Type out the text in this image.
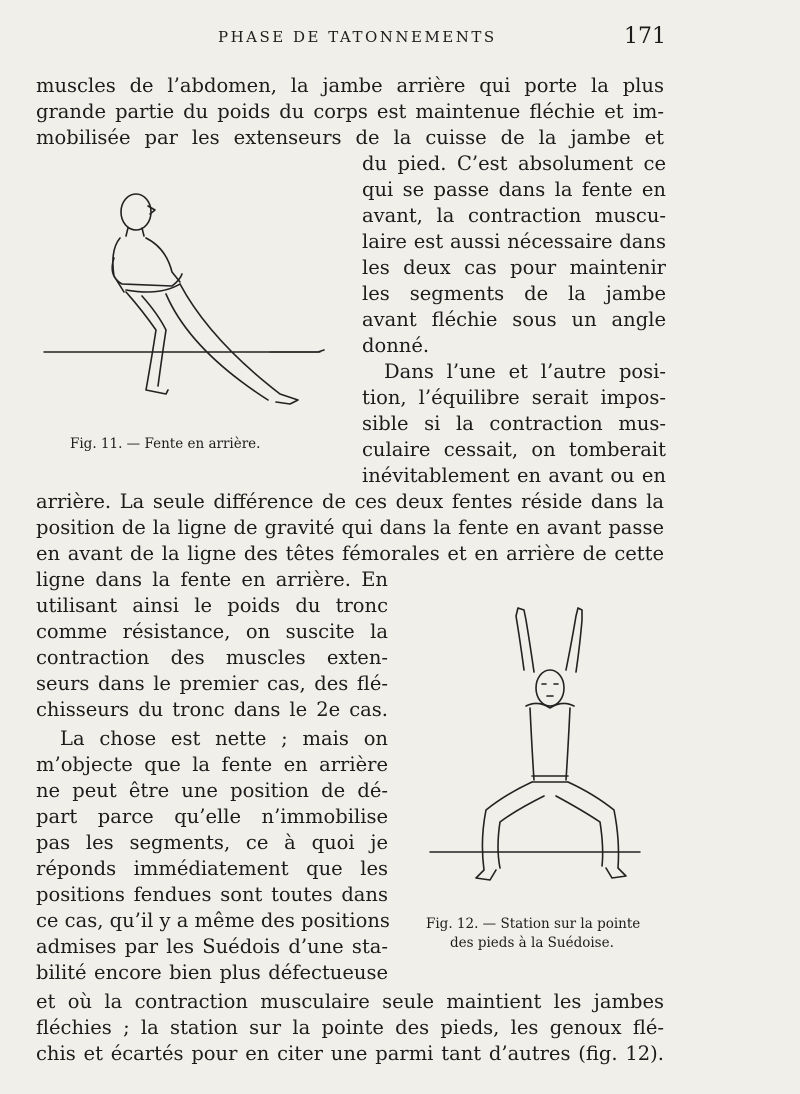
PHASE DE TATONNEMENTS	171
muscles de l’abdomen, la jambe arrière qui porte la plus
grande partie du poids du corps est maintenue fléchie et im-
mobilisée par les extenseurs de la cuisse de la jambe et
du pied. C’est absolument ce
qui se passe dans la fente en
avant, la contraction muscu-
laire est aussi nécessaire dans
les deux cas pour maintenir
les segments de la jambe
avant fléchie sous un angle
donné.
Dans l’une et l’autre posi-
tion, l’équilibre serait impos-
sible si la contraction mus-
culaire cessait, on tomberait
inévitablement en avant ou en
Fig. 11. — Fente en arrière.
arrière. La seule différence de ces deux fentes réside dans la
position de la ligne de gravité qui dans la fente en avant passe
en avant de la ligne des têtes fémorales et en arrière de cette
ligne dans la fente en arrière. En
utilisant ainsi le poids du tronc
comme résistance, on suscite la
contraction des muscles exten-
seurs dans le premier cas, des flé-
chisseurs du tronc dans le 2e cas.
La chose est nette ; mais on
m’objecte que la fente en arrière
ne peut être une position de dé-
part parce qu’elle n’immobilise
pas les segments, ce à quoi je
réponds immédiatement que les
positions fendues sont toutes dans
ce cas, qu’il y a même des positions
admises par les Suédois d’une sta-
bilité encore bien plus défectueuse
Fig. 12. — Station sur la pointe
des pieds à la Suédoise.
et où la contraction musculaire seule maintient les jambes
fléchies ; la station sur la pointe des pieds, les genoux flé-
chis et écartés pour en citer une parmi tant d’autres (fig. 12).
